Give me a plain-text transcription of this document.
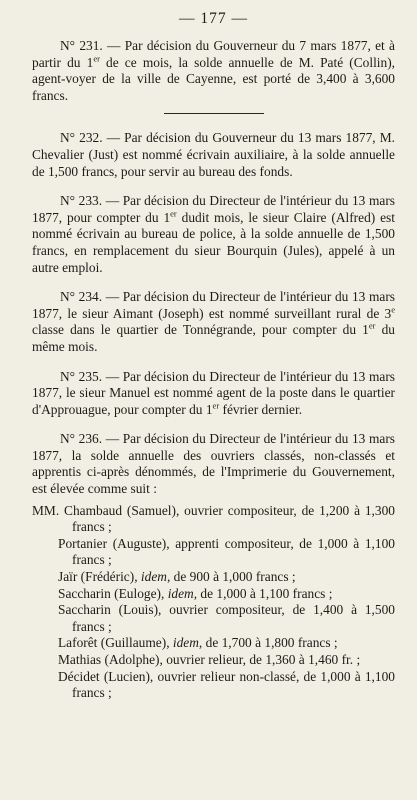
— 177 —

N° 231. — Par décision du Gouverneur du 7 mars 1877, et à partir du 1er de ce mois, la solde annuelle de M. Paté (Collin), agent-voyer de la ville de Cayenne, est porté de 3,400 à 3,600 francs.

N° 232. — Par décision du Gouverneur du 13 mars 1877, M. Chevalier (Just) est nommé écrivain auxiliaire, à la solde annuelle de 1,500 francs, pour servir au bureau des fonds.

N° 233. — Par décision du Directeur de l'intérieur du 13 mars 1877, pour compter du 1er dudit mois, le sieur Claire (Alfred) est nommé écrivain au bureau de police, à la solde annuelle de 1,500 francs, en remplacement du sieur Bourquin (Jules), appelé à un autre emploi.

N° 234. — Par décision du Directeur de l'intérieur du 13 mars 1877, le sieur Aimant (Joseph) est nommé surveillant rural de 3e classe dans le quartier de Tonnégrande, pour compter du 1er du même mois.

N° 235. — Par décision du Directeur de l'intérieur du 13 mars 1877, le sieur Manuel est nommé agent de la poste dans le quartier d'Approuague, pour compter du 1er février dernier.

N° 236. — Par décision du Directeur de l'intérieur du 13 mars 1877, la solde annuelle des ouvriers classés, non-classés et apprentis ci-après dénommés, de l'Imprimerie du Gouvernement, est élevée comme suit :

MM. Chambaud (Samuel), ouvrier compositeur, de 1,200 à 1,300 francs ;
Portanier (Auguste), apprenti compositeur, de 1,000 à 1,100 francs ;
Jaïr (Frédéric), idem, de 900 à 1,000 francs ;
Saccharin (Euloge), idem, de 1,000 à 1,100 francs ;
Saccharin (Louis), ouvrier compositeur, de 1,400 à 1,500 francs ;
Laforêt (Guillaume), idem, de 1,700 à 1,800 francs ;
Mathias (Adolphe), ouvrier relieur, de 1,360 à 1,460 fr. ;
Décidet (Lucien), ouvrier relieur non-classé, de 1,000 à 1,100 francs ;
